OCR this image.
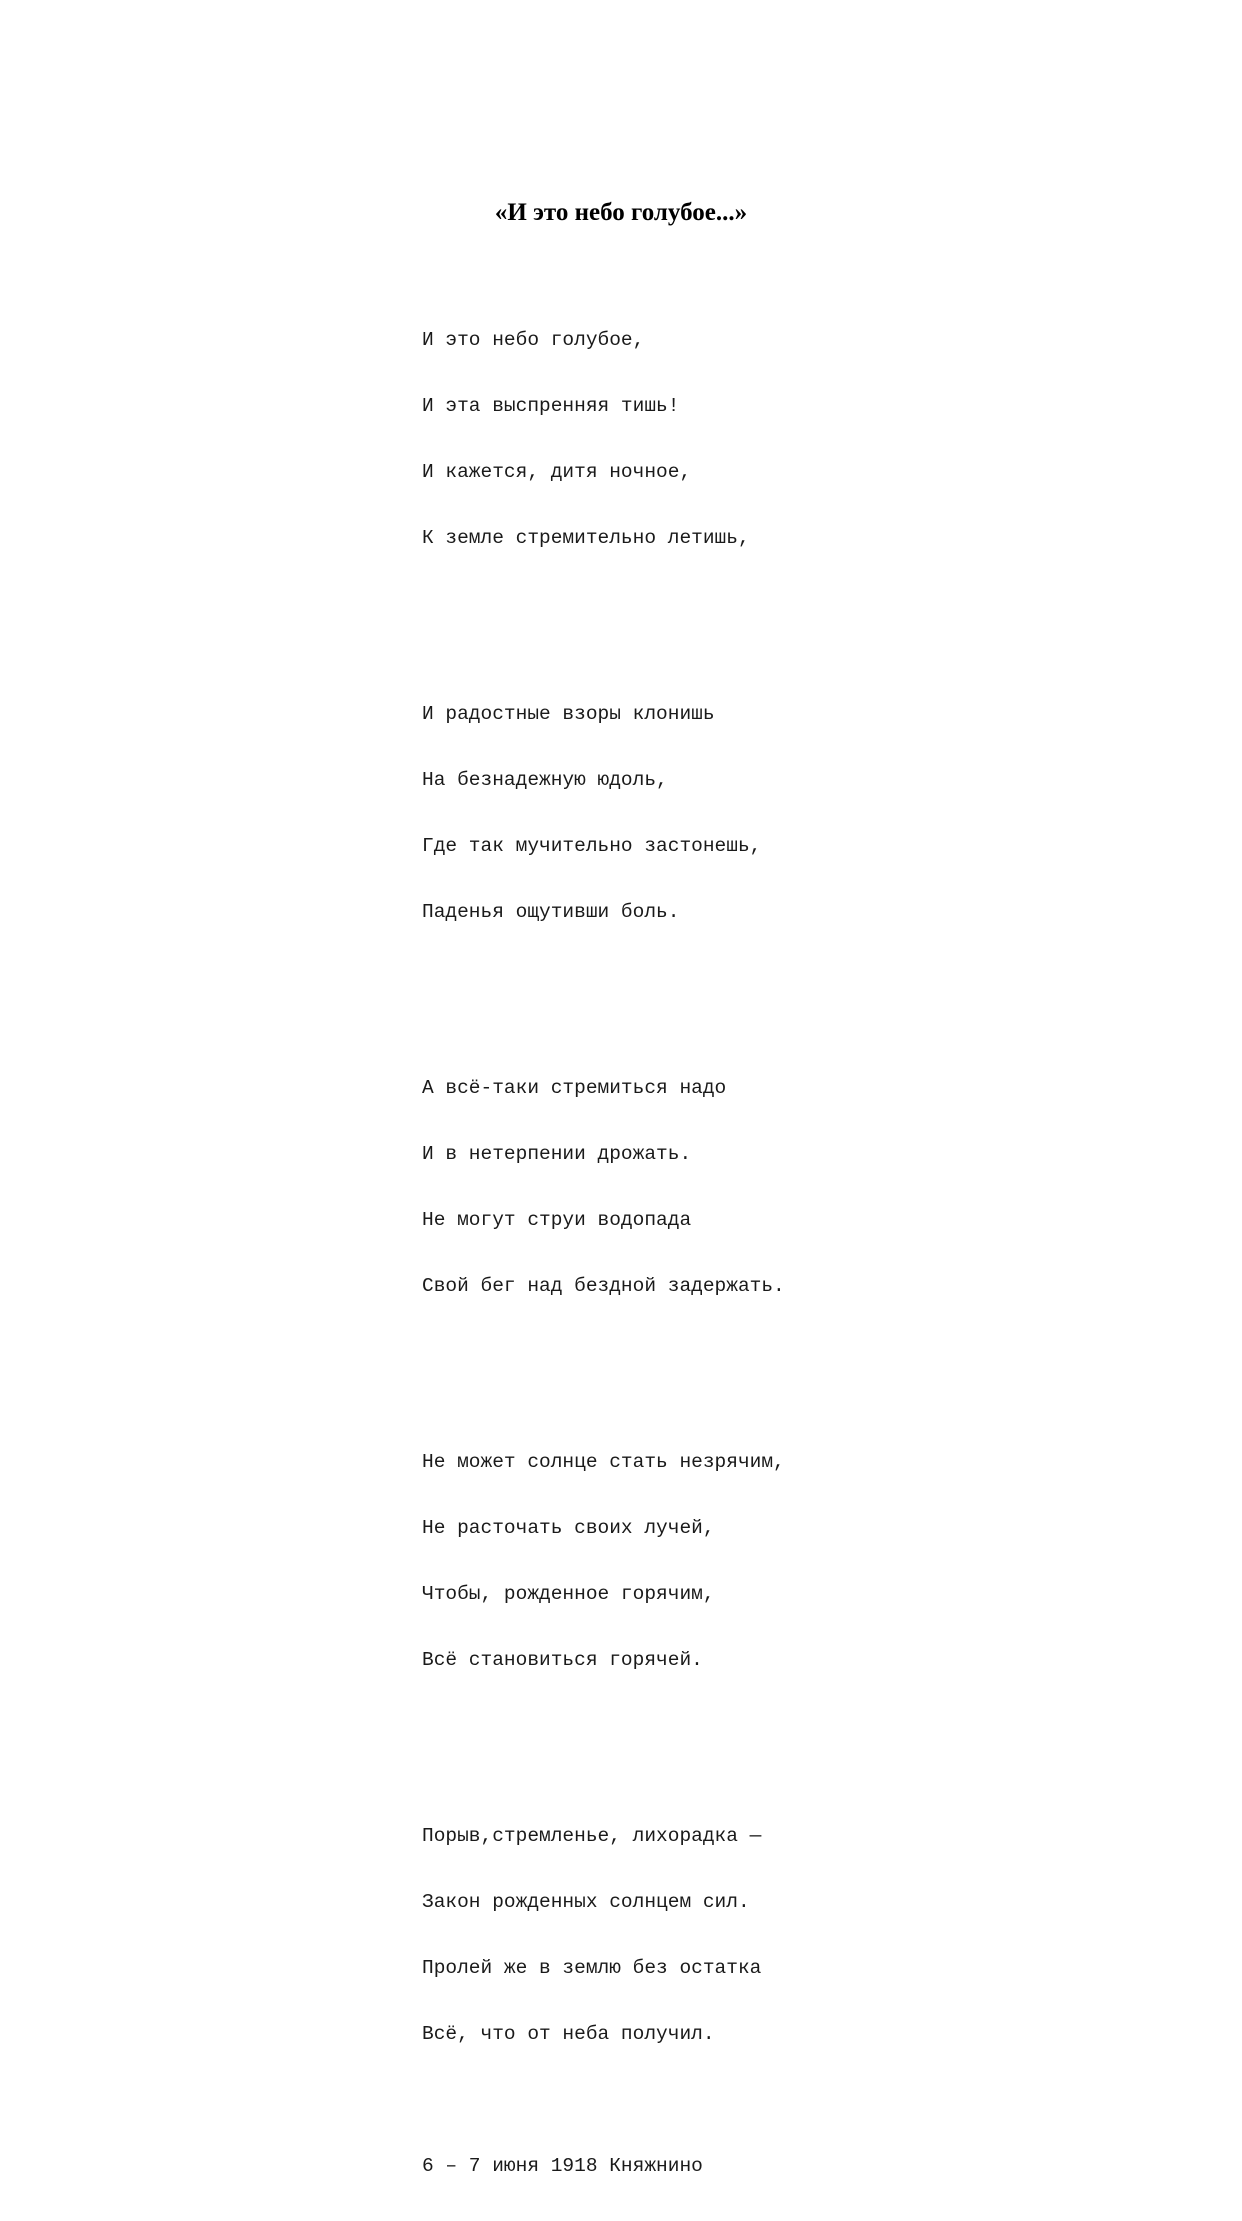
«И это небо голубое...»

И это небо голубое,

И эта выспренняя тишь!

И кажется, дитя ночное,

К земле стремительно летишь,

И радостные взоры клонишь

На безнадежную юдоль,

Где так мучительно застонешь,

Паденья ощутивши боль.

А всё-таки стремиться надо

И в нетерпении дрожать.

Не могут струи водопада

Свой бег над бездной задержать.

Не может солнце стать незрячим,

Не расточать своих лучей,

Чтобы, рожденное горячим,

Всё становиться горячей.

Порыв,стремленье, лихорадка —

Закон рожденных солнцем сил.

Пролей же в землю без остатка

Всё, что от неба получил.

6 – 7 июня 1918 Княжнино
